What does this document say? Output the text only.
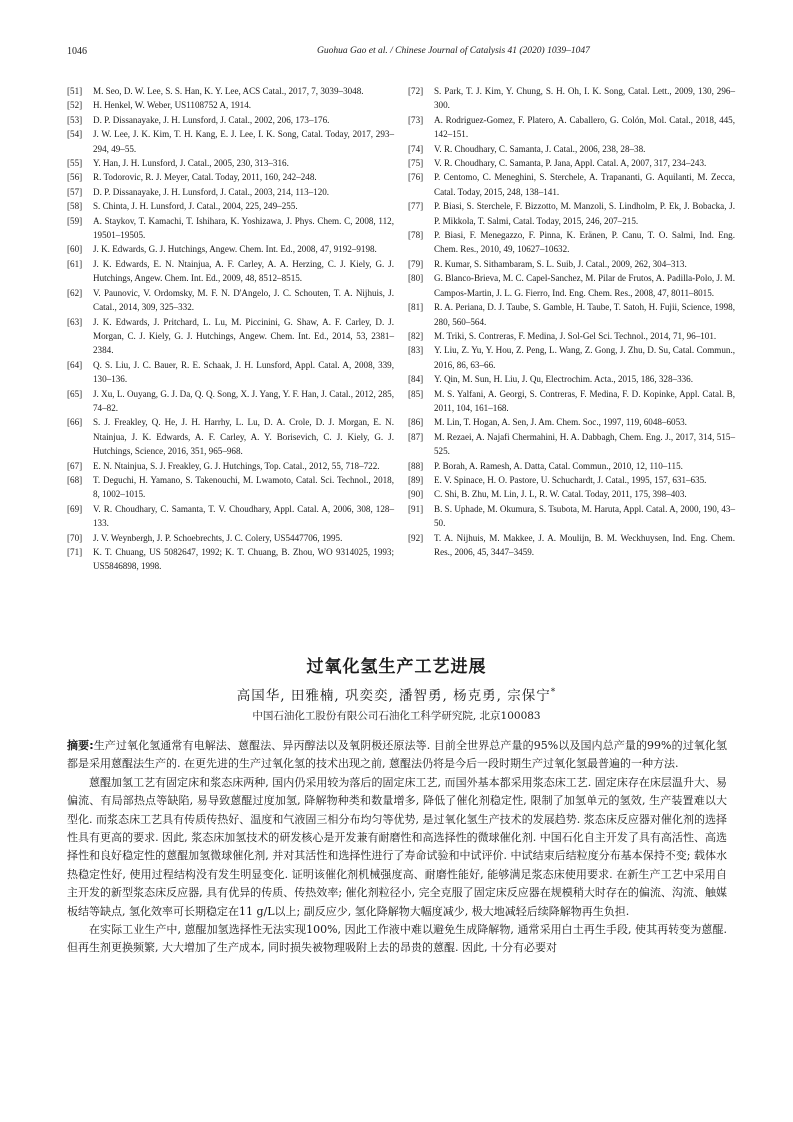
1046	Guohua Gao et al. / Chinese Journal of Catalysis 41 (2020) 1039–1047

[51] M. Seo, D. W. Lee, S. S. Han, K. Y. Lee, ACS Catal., 2017, 7, 3039–3048.

[52] H. Henkel, W. Weber, US1108752 A, 1914.

[53] D. P. Dissanayake, J. H. Lunsford, J. Catal., 2002, 206, 173–176.

[54] J. W. Lee, J. K. Kim, T. H. Kang, E. J. Lee, I. K. Song, Catal. Today, 2017, 293–294, 49–55.

[55] Y. Han, J. H. Lunsford, J. Catal., 2005, 230, 313–316.

[56] R. Todorovic, R. J. Meyer, Catal. Today, 2011, 160, 242–248.

[57] D. P. Dissanayake, J. H. Lunsford, J. Catal., 2003, 214, 113–120.

[58] S. Chinta, J. H. Lunsford, J. Catal., 2004, 225, 249–255.

[59] A. Staykov, T. Kamachi, T. Ishihara, K. Yoshizawa, J. Phys. Chem. C, 2008, 112, 19501–19505.

[60] J. K. Edwards, G. J. Hutchings, Angew. Chem. Int. Ed., 2008, 47, 9192–9198.

[61] J. K. Edwards, E. N. Ntainjua, A. F. Carley, A. A. Herzing, C. J. Kiely, G. J. Hutchings, Angew. Chem. Int. Ed., 2009, 48, 8512–8515.

[62] V. Paunovic, V. Ordomsky, M. F. N. D'Angelo, J. C. Schouten, T. A. Nijhuis, J. Catal., 2014, 309, 325–332.

[63] J. K. Edwards, J. Pritchard, L. Lu, M. Piccinini, G. Shaw, A. F. Carley, D. J. Morgan, C. J. Kiely, G. J. Hutchings, Angew. Chem. Int. Ed., 2014, 53, 2381–2384.

[64] Q. S. Liu, J. C. Bauer, R. E. Schaak, J. H. Lunsford, Appl. Catal. A, 2008, 339, 130–136.

[65] J. Xu, L. Ouyang, G. J. Da, Q. Q. Song, X. J. Yang, Y. F. Han, J. Catal., 2012, 285, 74–82.

[66] S. J. Freakley, Q. He, J. H. Harrhy, L. Lu, D. A. Crole, D. J. Morgan, E. N. Ntainjua, J. K. Edwards, A. F. Carley, A. Y. Borisevich, C. J. Kiely, G. J. Hutchings, Science, 2016, 351, 965–968.

[67] E. N. Ntainjua, S. J. Freakley, G. J. Hutchings, Top. Catal., 2012, 55, 718–722.

[68] T. Deguchi, H. Yamano, S. Takenouchi, M. Lwamoto, Catal. Sci. Technol., 2018, 8, 1002–1015.

[69] V. R. Choudhary, C. Samanta, T. V. Choudhary, Appl. Catal. A, 2006, 308, 128–133.

[70] J. V. Weynbergh, J. P. Schoebrechts, J. C. Colery, US5447706, 1995.

[71] K. T. Chuang, US 5082647, 1992; K. T. Chuang, B. Zhou, WO 9314025, 1993; US5846898, 1998.

[72] S. Park, T. J. Kim, Y. Chung, S. H. Oh, I. K. Song, Catal. Lett., 2009, 130, 296–300.

[73] A. Rodriguez-Gomez, F. Platero, A. Caballero, G. Colón, Mol. Catal., 2018, 445, 142–151.

[74] V. R. Choudhary, C. Samanta, J. Catal., 2006, 238, 28–38.

[75] V. R. Choudhary, C. Samanta, P. Jana, Appl. Catal. A, 2007, 317, 234–243.

[76] P. Centomo, C. Meneghini, S. Sterchele, A. Trapananti, G. Aquilanti, M. Zecca, Catal. Today, 2015, 248, 138–141.

[77] P. Biasi, S. Sterchele, F. Bizzotto, M. Manzoli, S. Lindholm, P. Ek, J. Bobacka, J. P. Mikkola, T. Salmi, Catal. Today, 2015, 246, 207–215.

[78] P. Biasi, F. Menegazzo, F. Pinna, K. Eränen, P. Canu, T. O. Salmi, Ind. Eng. Chem. Res., 2010, 49, 10627–10632.

[79] R. Kumar, S. Sithambaram, S. L. Suib, J. Catal., 2009, 262, 304–313.

[80] G. Blanco-Brieva, M. C. Capel-Sanchez, M. Pilar de Frutos, A. Padilla-Polo, J. M. Campos-Martin, J. L. G. Fierro, Ind. Eng. Chem. Res., 2008, 47, 8011–8015.

[81] R. A. Periana, D. J. Taube, S. Gamble, H. Taube, T. Satoh, H. Fujii, Science, 1998, 280, 560–564.

[82] M. Triki, S. Contreras, F. Medina, J. Sol-Gel Sci. Technol., 2014, 71, 96–101.

[83] Y. Liu, Z. Yu, Y. Hou, Z. Peng, L. Wang, Z. Gong, J. Zhu, D. Su, Catal. Commun., 2016, 86, 63–66.

[84] Y. Qin, M. Sun, H. Liu, J. Qu, Electrochim. Acta., 2015, 186, 328–336.

[85] M. S. Yalfani, A. Georgi, S. Contreras, F. Medina, F. D. Kopinke, Appl. Catal. B, 2011, 104, 161–168.

[86] M. Lin, T. Hogan, A. Sen, J. Am. Chem. Soc., 1997, 119, 6048–6053.

[87] M. Rezaei, A. Najafi Chermahini, H. A. Dabbagh, Chem. Eng. J., 2017, 314, 515–525.

[88] P. Borah, A. Ramesh, A. Datta, Catal. Commun., 2010, 12, 110–115.

[89] E. V. Spinace, H. O. Pastore, U. Schuchardt, J. Catal., 1995, 157, 631–635.

[90] C. Shi, B. Zhu, M. Lin, J. L, R. W. Catal. Today, 2011, 175, 398–403.

[91] B. S. Uphade, M. Okumura, S. Tsubota, M. Haruta, Appl. Catal. A, 2000, 190, 43–50.

[92] T. A. Nijhuis, M. Makkee, J. A. Moulijn, B. M. Weckhuysen, Ind. Eng. Chem. Res., 2006, 45, 3447–3459.

过氧化氢生产工艺进展
高国华, 田雅楠, 巩奕奕, 潘智勇, 杨克勇, 宗保宁*
中国石油化工股份有限公司石油化工科学研究院, 北京100083

摘要:生产过氧化氢通常有电解法、蒽醌法、异丙醇法以及氧阴极还原法等. 目前全世界总产量的95%以及国内总产量的99%的过氧化氢都是采用蒽醌法生产的. 在更先进的生产过氧化氢的技术出现之前, 蒽醌法仍将是今后一段时期生产过氧化氢最普遍的一种方法.

蒽醌加氢工艺有固定床和浆态床两种, 国内仍采用较为落后的固定床工艺, 而国外基本都采用浆态床工艺. 固定床存在床层温升大、易偏流、有局部热点等缺陷, 易导致蒽醌过度加氢, 降解物种类和数量增多, 降低了催化剂稳定性, 限制了加氢单元的氢效, 生产装置难以大型化. 而浆态床工艺具有传质传热好、温度和气液固三相分布均匀等优势, 是过氧化氢生产技术的发展趋势. 浆态床反应器对催化剂的选择性具有更高的要求. 因此, 浆态床加氢技术的研发核心是开发兼有耐磨性和高选择性的微球催化剂. 中国石化自主开发了具有高活性、高选择性和良好稳定性的蒽醌加氢微球催化剂, 并对其活性和选择性进行了寿命试验和中试评价. 中试结束后结粒度分布基本保持不变; 载体水热稳定性好, 使用过程结构没有发生明显变化. 证明该催化剂机械强度高、耐磨性能好, 能够满足浆态床使用要求. 在新生产工艺中采用自主开发的新型浆态床反应器, 具有优异的传质、传热效率; 催化剂粒径小, 完全克服了固定床反应器在规模稍大时存在的偏流、沟流、触媒板结等缺点, 氢化效率可长期稳定在11 g/L以上; 副反应少, 氢化降解物大幅度减少, 极大地减轻后续降解物再生负担.

在实际工业生产中, 蒽醌加氢选择性无法实现100%, 因此工作液中难以避免生成降解物, 通常采用白土再生手段, 使其再转变为蒽醌. 但再生剂更换频繁, 大大增加了生产成本, 同时损失被物理吸附上去的昂贵的蒽醌. 因此, 十分有必要对
